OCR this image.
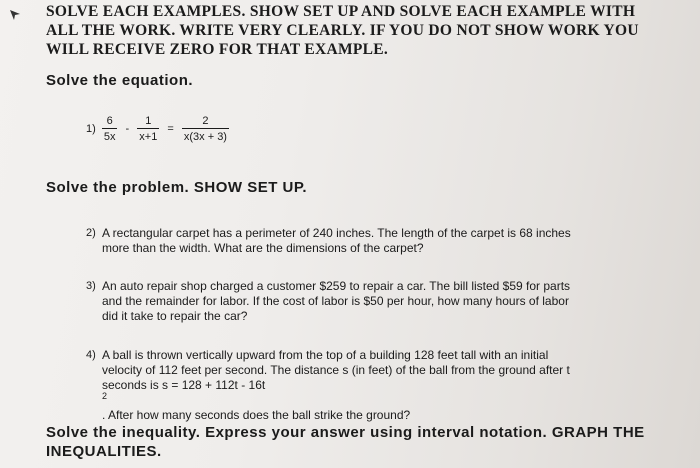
SOLVE EACH EXAMPLES. SHOW SET UP AND SOLVE EACH EXAMPLE WITH
ALL THE WORK. WRITE VERY CLEARLY. IF YOU DO NOT SHOW WORK YOU
WILL RECEIVE ZERO FOR THAT EXAMPLE.
Solve the equation.
$1) \frac{6}{5x} - \frac{1}{x+1} = \frac{2}{x(3x + 3)}$
Solve the problem. SHOW SET UP.
2) A rectangular carpet has a perimeter of 240 inches. The length of the carpet is 68 inches
more than the width. What are the dimensions of the carpet?
3) An auto repair shop charged a customer $259 to repair a car. The bill listed $59 for parts
and the remainder for labor. If the cost of labor is $50 per hour, how many hours of labor
did it take to repair the car?
4) A ball is thrown vertically upward from the top of a building 128 feet tall with an initial
velocity of 112 feet per second. The distance s (in feet) of the ball from the ground after t
seconds is s = 128 + 112t - 16t
$^2$
. After how many seconds does the ball strike the ground?
Solve the inequality. Express your answer using interval notation. GRAPH THE
INEQUALITIES.
